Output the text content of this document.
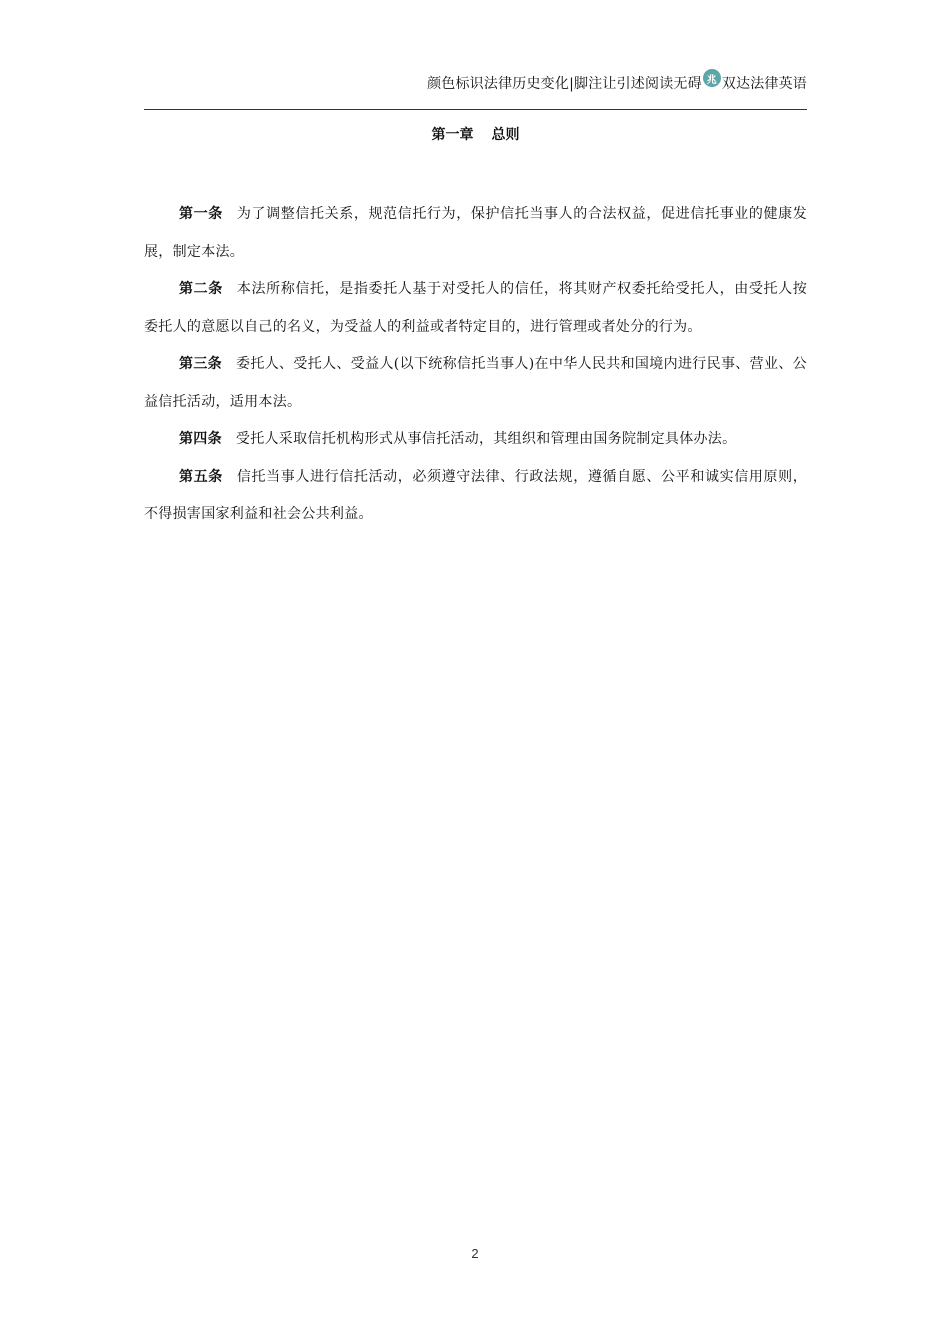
颜色标识法律历史变化|脚注让引述阅读无碍 兆 双达法律英语
第一章 总则

第一条 为了调整信托关系，规范信托行为，保护信托当事人的合法权益，促进信托事业的健康发展，制定本法。

第二条 本法所称信托，是指委托人基于对受托人的信任，将其财产权委托给受托人，由受托人按委托人的意愿以自己的名义，为受益人的利益或者特定目的，进行管理或者处分的行为。

第三条 委托人、受托人、受益人(以下统称信托当事人)在中华人民共和国境内进行民事、营业、公益信托活动，适用本法。

第四条 受托人采取信托机构形式从事信托活动，其组织和管理由国务院制定具体办法。

第五条 信托当事人进行信托活动，必须遵守法律、行政法规，遵循自愿、公平和诚实信用原则，不得损害国家利益和社会公共利益。

2
